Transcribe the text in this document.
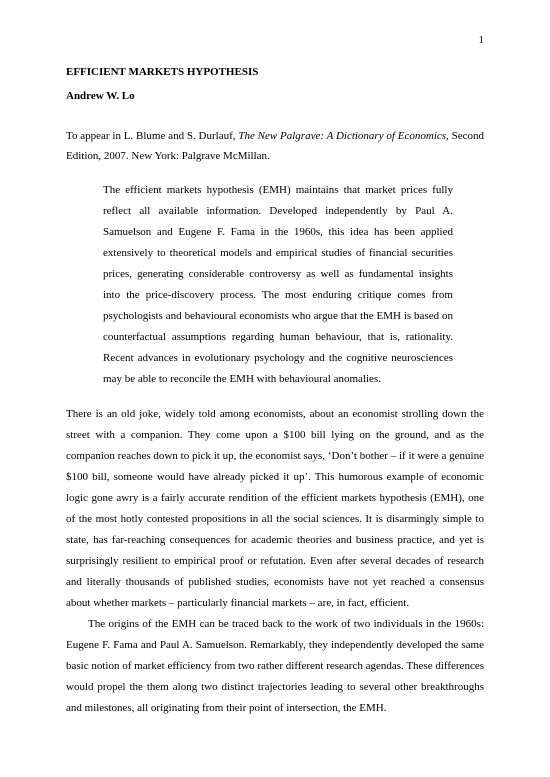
1
EFFICIENT MARKETS HYPOTHESIS
Andrew W. Lo
To appear in L. Blume and S. Durlauf, The New Palgrave: A Dictionary of Economics, Second Edition, 2007. New York: Palgrave McMillan.
The efficient markets hypothesis (EMH) maintains that market prices fully reflect all available information. Developed independently by Paul A. Samuelson and Eugene F. Fama in the 1960s, this idea has been applied extensively to theoretical models and empirical studies of financial securities prices, generating considerable controversy as well as fundamental insights into the price-discovery process. The most enduring critique comes from psychologists and behavioural economists who argue that the EMH is based on counterfactual assumptions regarding human behaviour, that is, rationality. Recent advances in evolutionary psychology and the cognitive neurosciences may be able to reconcile the EMH with behavioural anomalies.

There is an old joke, widely told among economists, about an economist strolling down the street with a companion. They come upon a $100 bill lying on the ground, and as the companion reaches down to pick it up, the economist says, ‘Don’t bother – if it were a genuine $100 bill, someone would have already picked it up’. This humorous example of economic logic gone awry is a fairly accurate rendition of the efficient markets hypothesis (EMH), one of the most hotly contested propositions in all the social sciences. It is disarmingly simple to state, has far-reaching consequences for academic theories and business practice, and yet is surprisingly resilient to empirical proof or refutation. Even after several decades of research and literally thousands of published studies, economists have not yet reached a consensus about whether markets – particularly financial markets – are, in fact, efficient.

The origins of the EMH can be traced back to the work of two individuals in the 1960s: Eugene F. Fama and Paul A. Samuelson. Remarkably, they independently developed the same basic notion of market efficiency from two rather different research agendas. These differences would propel the them along two distinct trajectories leading to several other breakthroughs and milestones, all originating from their point of intersection, the EMH.
